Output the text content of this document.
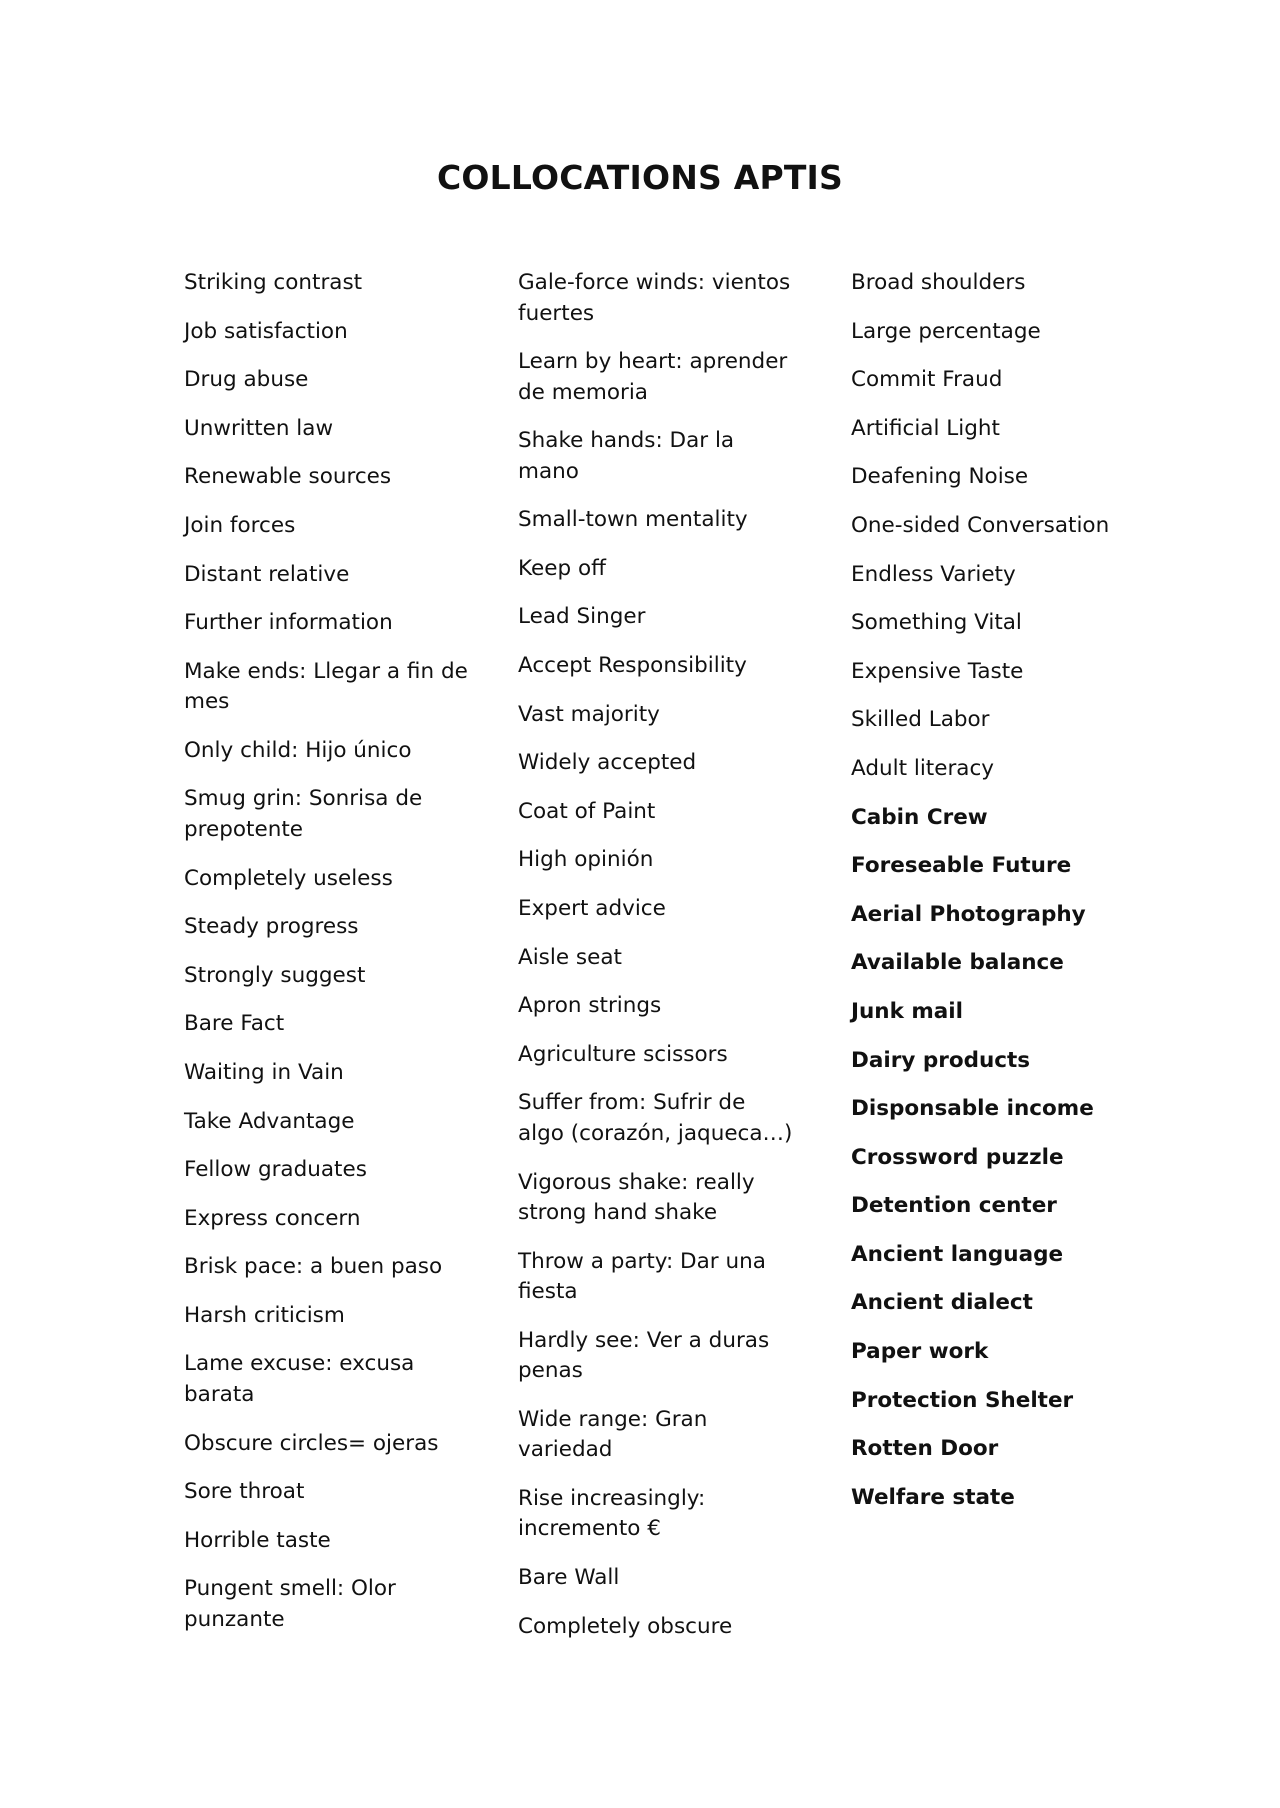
COLLOCATIONS APTIS
Striking contrast
Job satisfaction
Drug abuse
Unwritten law
Renewable sources
Join forces
Distant relative
Further information
Make ends: Llegar a fin de mes
Only child: Hijo único
Smug grin: Sonrisa de prepotente
Completely useless
Steady progress
Strongly suggest
Bare Fact
Waiting in Vain
Take Advantage
Fellow graduates
Express concern
Brisk pace: a buen paso
Harsh criticism
Lame excuse: excusa barata
Obscure circles= ojeras
Sore throat
Horrible taste
Pungent smell: Olor punzante
Gale-force winds: vientos fuertes
Learn by heart: aprender de memoria
Shake hands: Dar la mano
Small-town mentality
Keep off
Lead Singer
Accept Responsibility
Vast majority
Widely accepted
Coat of Paint
High opinión
Expert advice
Aisle seat
Apron strings
Agriculture scissors
Suffer from: Sufrir de algo (corazón, jaqueca…)
Vigorous shake: really strong hand shake
Throw a party: Dar una fiesta
Hardly see: Ver a duras penas
Wide range: Gran variedad
Rise increasingly: incremento €
Bare Wall
Completely obscure
Broad shoulders
Large percentage
Commit Fraud
Artificial Light
Deafening Noise
One-sided Conversation
Endless Variety
Something Vital
Expensive Taste
Skilled Labor
Adult literacy
Cabin Crew
Foreseable Future
Aerial Photography
Available balance
Junk mail
Dairy products
Disponsable income
Crossword puzzle
Detention center
Ancient language
Ancient dialect
Paper work
Protection Shelter
Rotten Door
Welfare state
